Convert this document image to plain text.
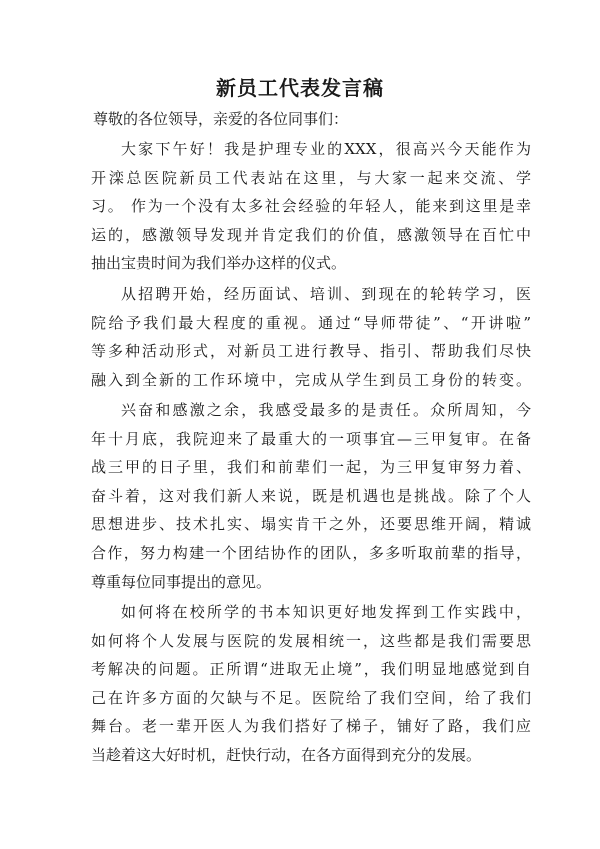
新员工代表发言稿
尊敬的各位领导，亲爱的各位同事们：
大家下午好！我是护理专业的XXX，很高兴今天能作为
开滦总医院新员工代表站在这里，与大家一起来交流、学
习。 作为一个没有太多社会经验的年轻人，能来到这里是幸
运的，感激领导发现并肯定我们的价值，感激领导在百忙中
抽出宝贵时间为我们举办这样的仪式。
从招聘开始，经历面试、培训、到现在的轮转学习，医
院给予我们最大程度的重视。通过“导师带徒”、“开讲啦”
等多种活动形式，对新员工进行教导、指引、帮助我们尽快
融入到全新的工作环境中，完成从学生到员工身份的转变。
兴奋和感激之余，我感受最多的是责任。众所周知，今
年十月底，我院迎来了最重大的一项事宜—三甲复审。在备
战三甲的日子里，我们和前辈们一起，为三甲复审努力着、
奋斗着，这对我们新人来说，既是机遇也是挑战。除了个人
思想进步、技术扎实、塌实肯干之外，还要思维开阔，精诚
合作，努力构建一个团结协作的团队，多多听取前辈的指导，
尊重每位同事提出的意见。
如何将在校所学的书本知识更好地发挥到工作实践中，
如何将个人发展与医院的发展相统一，这些都是我们需要思
考解决的问题。正所谓“进取无止境”，我们明显地感觉到自
己在许多方面的欠缺与不足。医院给了我们空间，给了我们
舞台。老一辈开医人为我们搭好了梯子，铺好了路，我们应
当趁着这大好时机，赶快行动，在各方面得到充分的发展。
